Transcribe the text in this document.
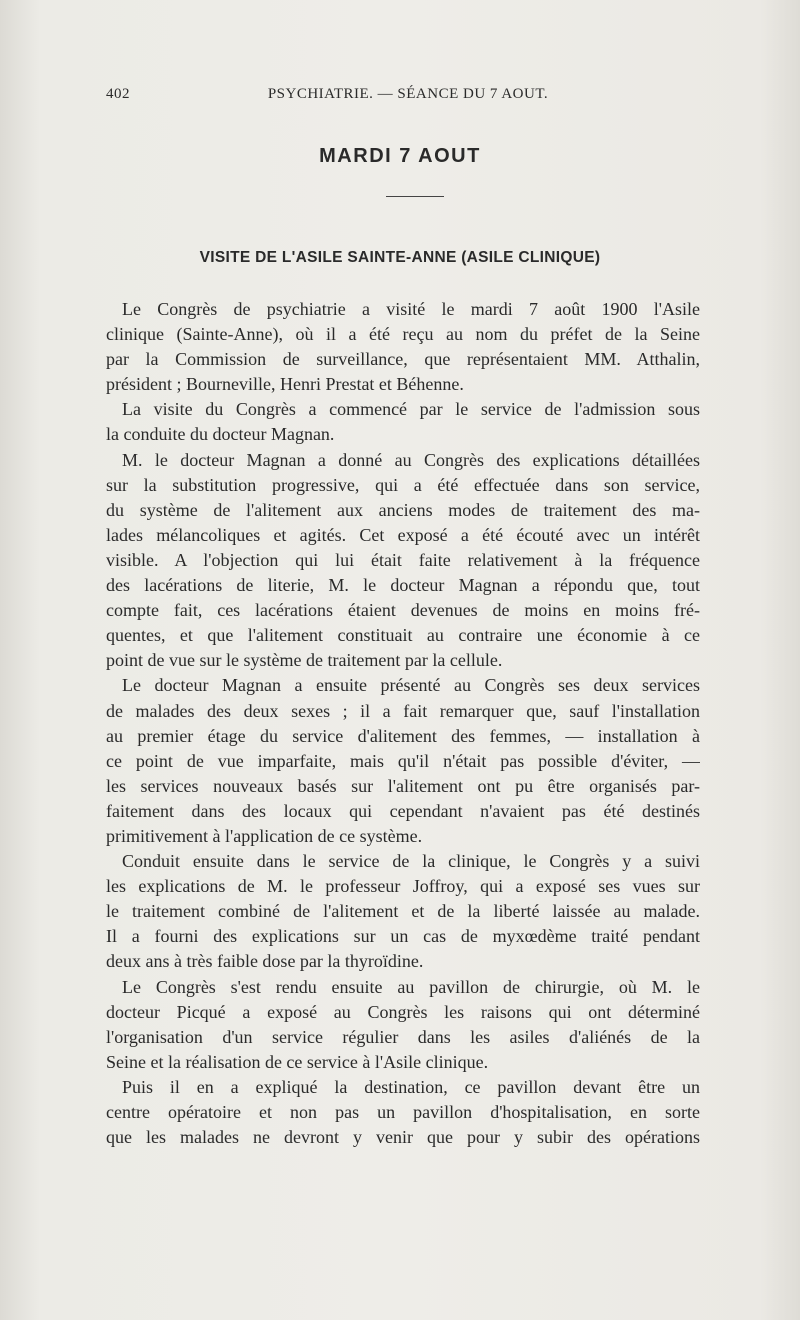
402	PSYCHIATRIE. — SÉANCE DU 7 AOUT.
MARDI 7 AOUT
VISITE DE L'ASILE SAINTE-ANNE (ASILE CLINIQUE)
Le Congrès de psychiatrie a visité le mardi 7 août 1900 l'Asile
clinique (Sainte-Anne), où il a été reçu au nom du préfet de la Seine
par la Commission de surveillance, que représentaient MM. Atthalin,
président ; Bourneville, Henri Prestat et Béhenne.
La visite du Congrès a commencé par le service de l'admission sous
la conduite du docteur Magnan.
M. le docteur Magnan a donné au Congrès des explications détaillées
sur la substitution progressive, qui a été effectuée dans son service,
du système de l'alitement aux anciens modes de traitement des ma-
lades mélancoliques et agités. Cet exposé a été écouté avec un intérêt
visible. A l'objection qui lui était faite relativement à la fréquence
des lacérations de literie, M. le docteur Magnan a répondu que, tout
compte fait, ces lacérations étaient devenues de moins en moins fré-
quentes, et que l'alitement constituait au contraire une économie à ce
point de vue sur le système de traitement par la cellule.
Le docteur Magnan a ensuite présenté au Congrès ses deux services
de malades des deux sexes ; il a fait remarquer que, sauf l'installation
au premier étage du service d'alitement des femmes, — installation à
ce point de vue imparfaite, mais qu'il n'était pas possible d'éviter, —
les services nouveaux basés sur l'alitement ont pu être organisés par-
faitement dans des locaux qui cependant n'avaient pas été destinés
primitivement à l'application de ce système.
Conduit ensuite dans le service de la clinique, le Congrès y a suivi
les explications de M. le professeur Joffroy, qui a exposé ses vues sur
le traitement combiné de l'alitement et de la liberté laissée au malade.
Il a fourni des explications sur un cas de myxœdème traité pendant
deux ans à très faible dose par la thyroïdine.
Le Congrès s'est rendu ensuite au pavillon de chirurgie, où M. le
docteur Picqué a exposé au Congrès les raisons qui ont déterminé
l'organisation d'un service régulier dans les asiles d'aliénés de la
Seine et la réalisation de ce service à l'Asile clinique.
Puis il en a expliqué la destination, ce pavillon devant être un
centre opératoire et non pas un pavillon d'hospitalisation, en sorte
que les malades ne devront y venir que pour y subir des opérations
